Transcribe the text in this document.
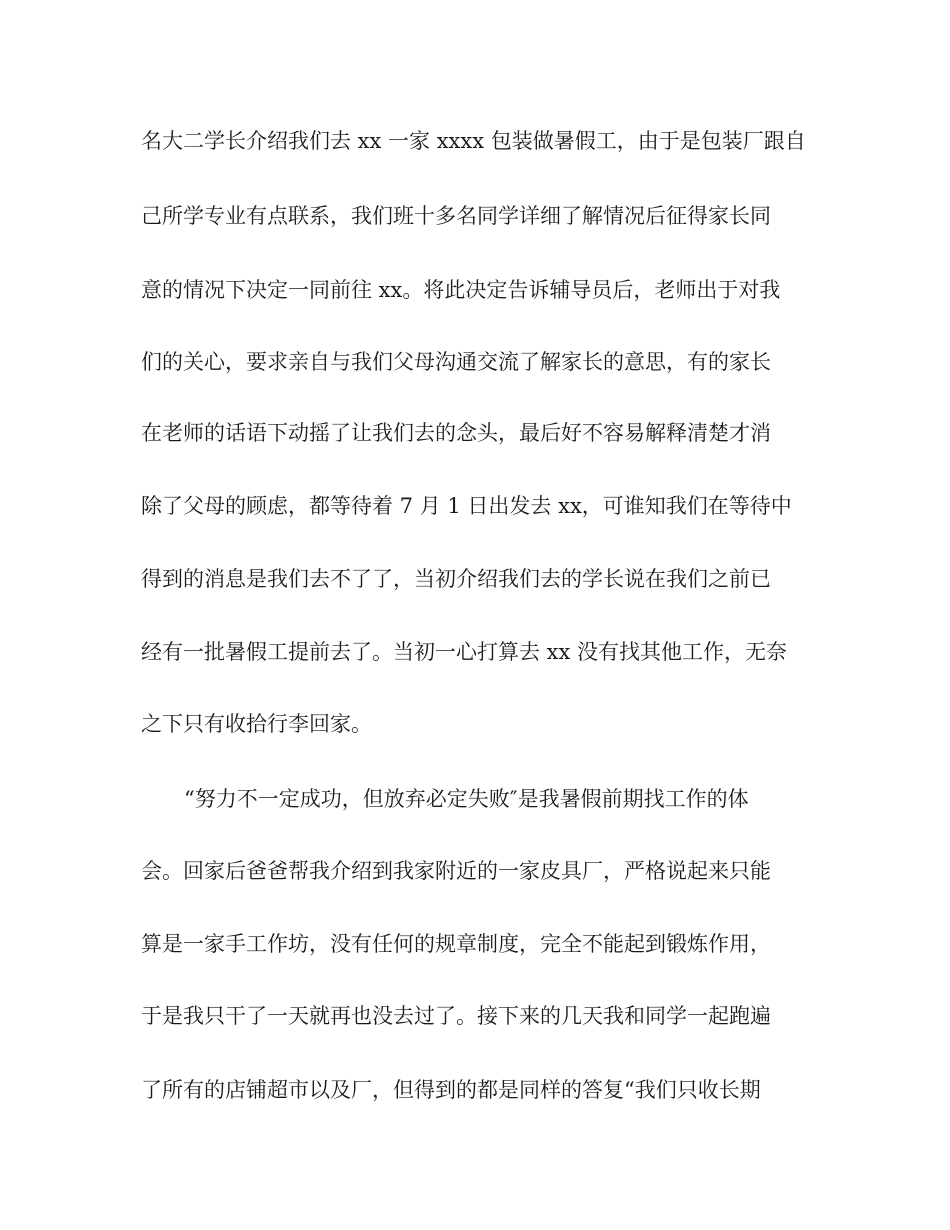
名大二学长介绍我们去 xx 一家 xxxx 包装做暑假工，由于是包装厂跟自
己所学专业有点联系，我们班十多名同学详细了解情况后征得家长同
意的情况下决定一同前往 xx。将此决定告诉辅导员后，老师出于对我
们的关心，要求亲自与我们父母沟通交流了解家长的意思，有的家长
在老师的话语下动摇了让我们去的念头，最后好不容易解释清楚才消
除了父母的顾虑，都等待着 7 月 1 日出发去 xx，可谁知我们在等待中
得到的消息是我们去不了了，当初介绍我们去的学长说在我们之前已
经有一批暑假工提前去了。当初一心打算去 xx 没有找其他工作，无奈
之下只有收拾行李回家。
“努力不一定成功，但放弃必定失败″是我暑假前期找工作的体
会。回家后爸爸帮我介绍到我家附近的一家皮具厂，严格说起来只能
算是一家手工作坊，没有任何的规章制度，完全不能起到锻炼作用，
于是我只干了一天就再也没去过了。接下来的几天我和同学一起跑遍
了所有的店铺超市以及厂，但得到的都是同样的答复“我们只收长期
